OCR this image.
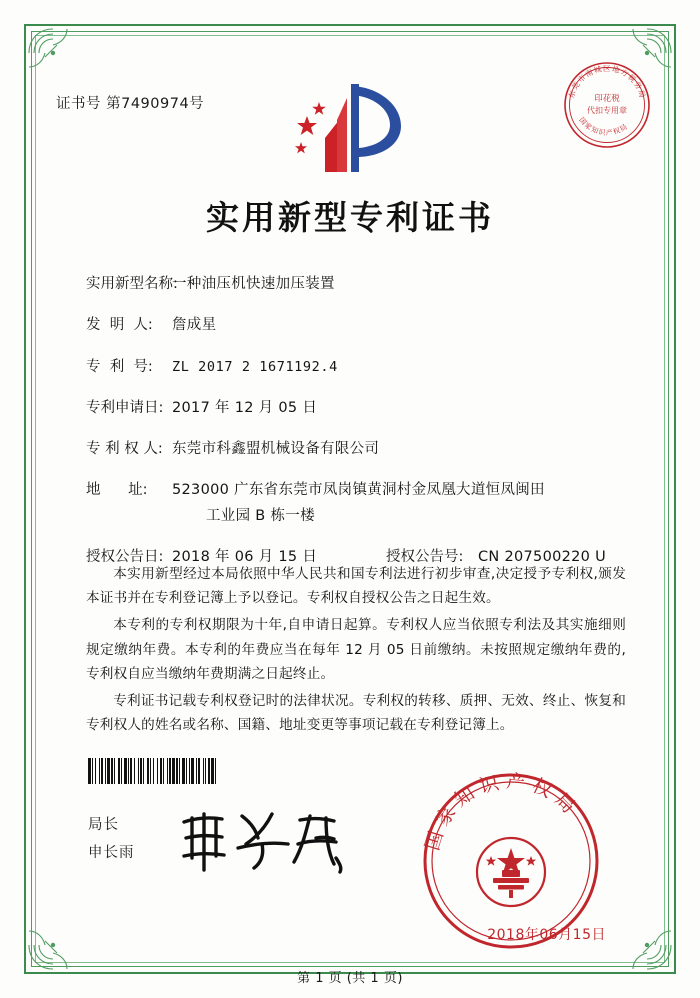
证书号 第7490974号
东莞市南城区地方税务局
国家知识产权局
印花税
代扣专用章
实用新型专利证书
实用新型名称:
一种油压机快速加压装置
发  明  人:	詹成星
专  利  号:	ZL 2017 2 1671192.4
专利申请日: 2017 年 12 月 05 日
专 利 权 人: 东莞市科鑫盟机械设备有限公司
地      址:	523000 广东省东莞市凤岗镇黄洞村金凤凰大道恒凤闽田
工业园 B 栋一楼
授权公告日: 2018 年 06 月 15 日	授权公告号:	CN 207500220 U

本实用新型经过本局依照中华人民共和国专利法进行初步审查,决定授予专利权,颁发本证书并在专利登记簿上予以登记。专利权自授权公告之日起生效。

本专利的专利权期限为十年,自申请日起算。专利权人应当依照专利法及其实施细则规定缴纳年费。本专利的年费应当在每年 12 月 05 日前缴纳。未按照规定缴纳年费的,专利权自应当缴纳年费期满之日起终止。

专利证书记载专利权登记时的法律状况。专利权的转移、质押、无效、终止、恢复和专利权人的姓名或名称、国籍、地址变更等事项记载在专利登记簿上。

局长
申长雨	国家知识产权局
2018年06月15日
第 1 页 (共 1 页)
